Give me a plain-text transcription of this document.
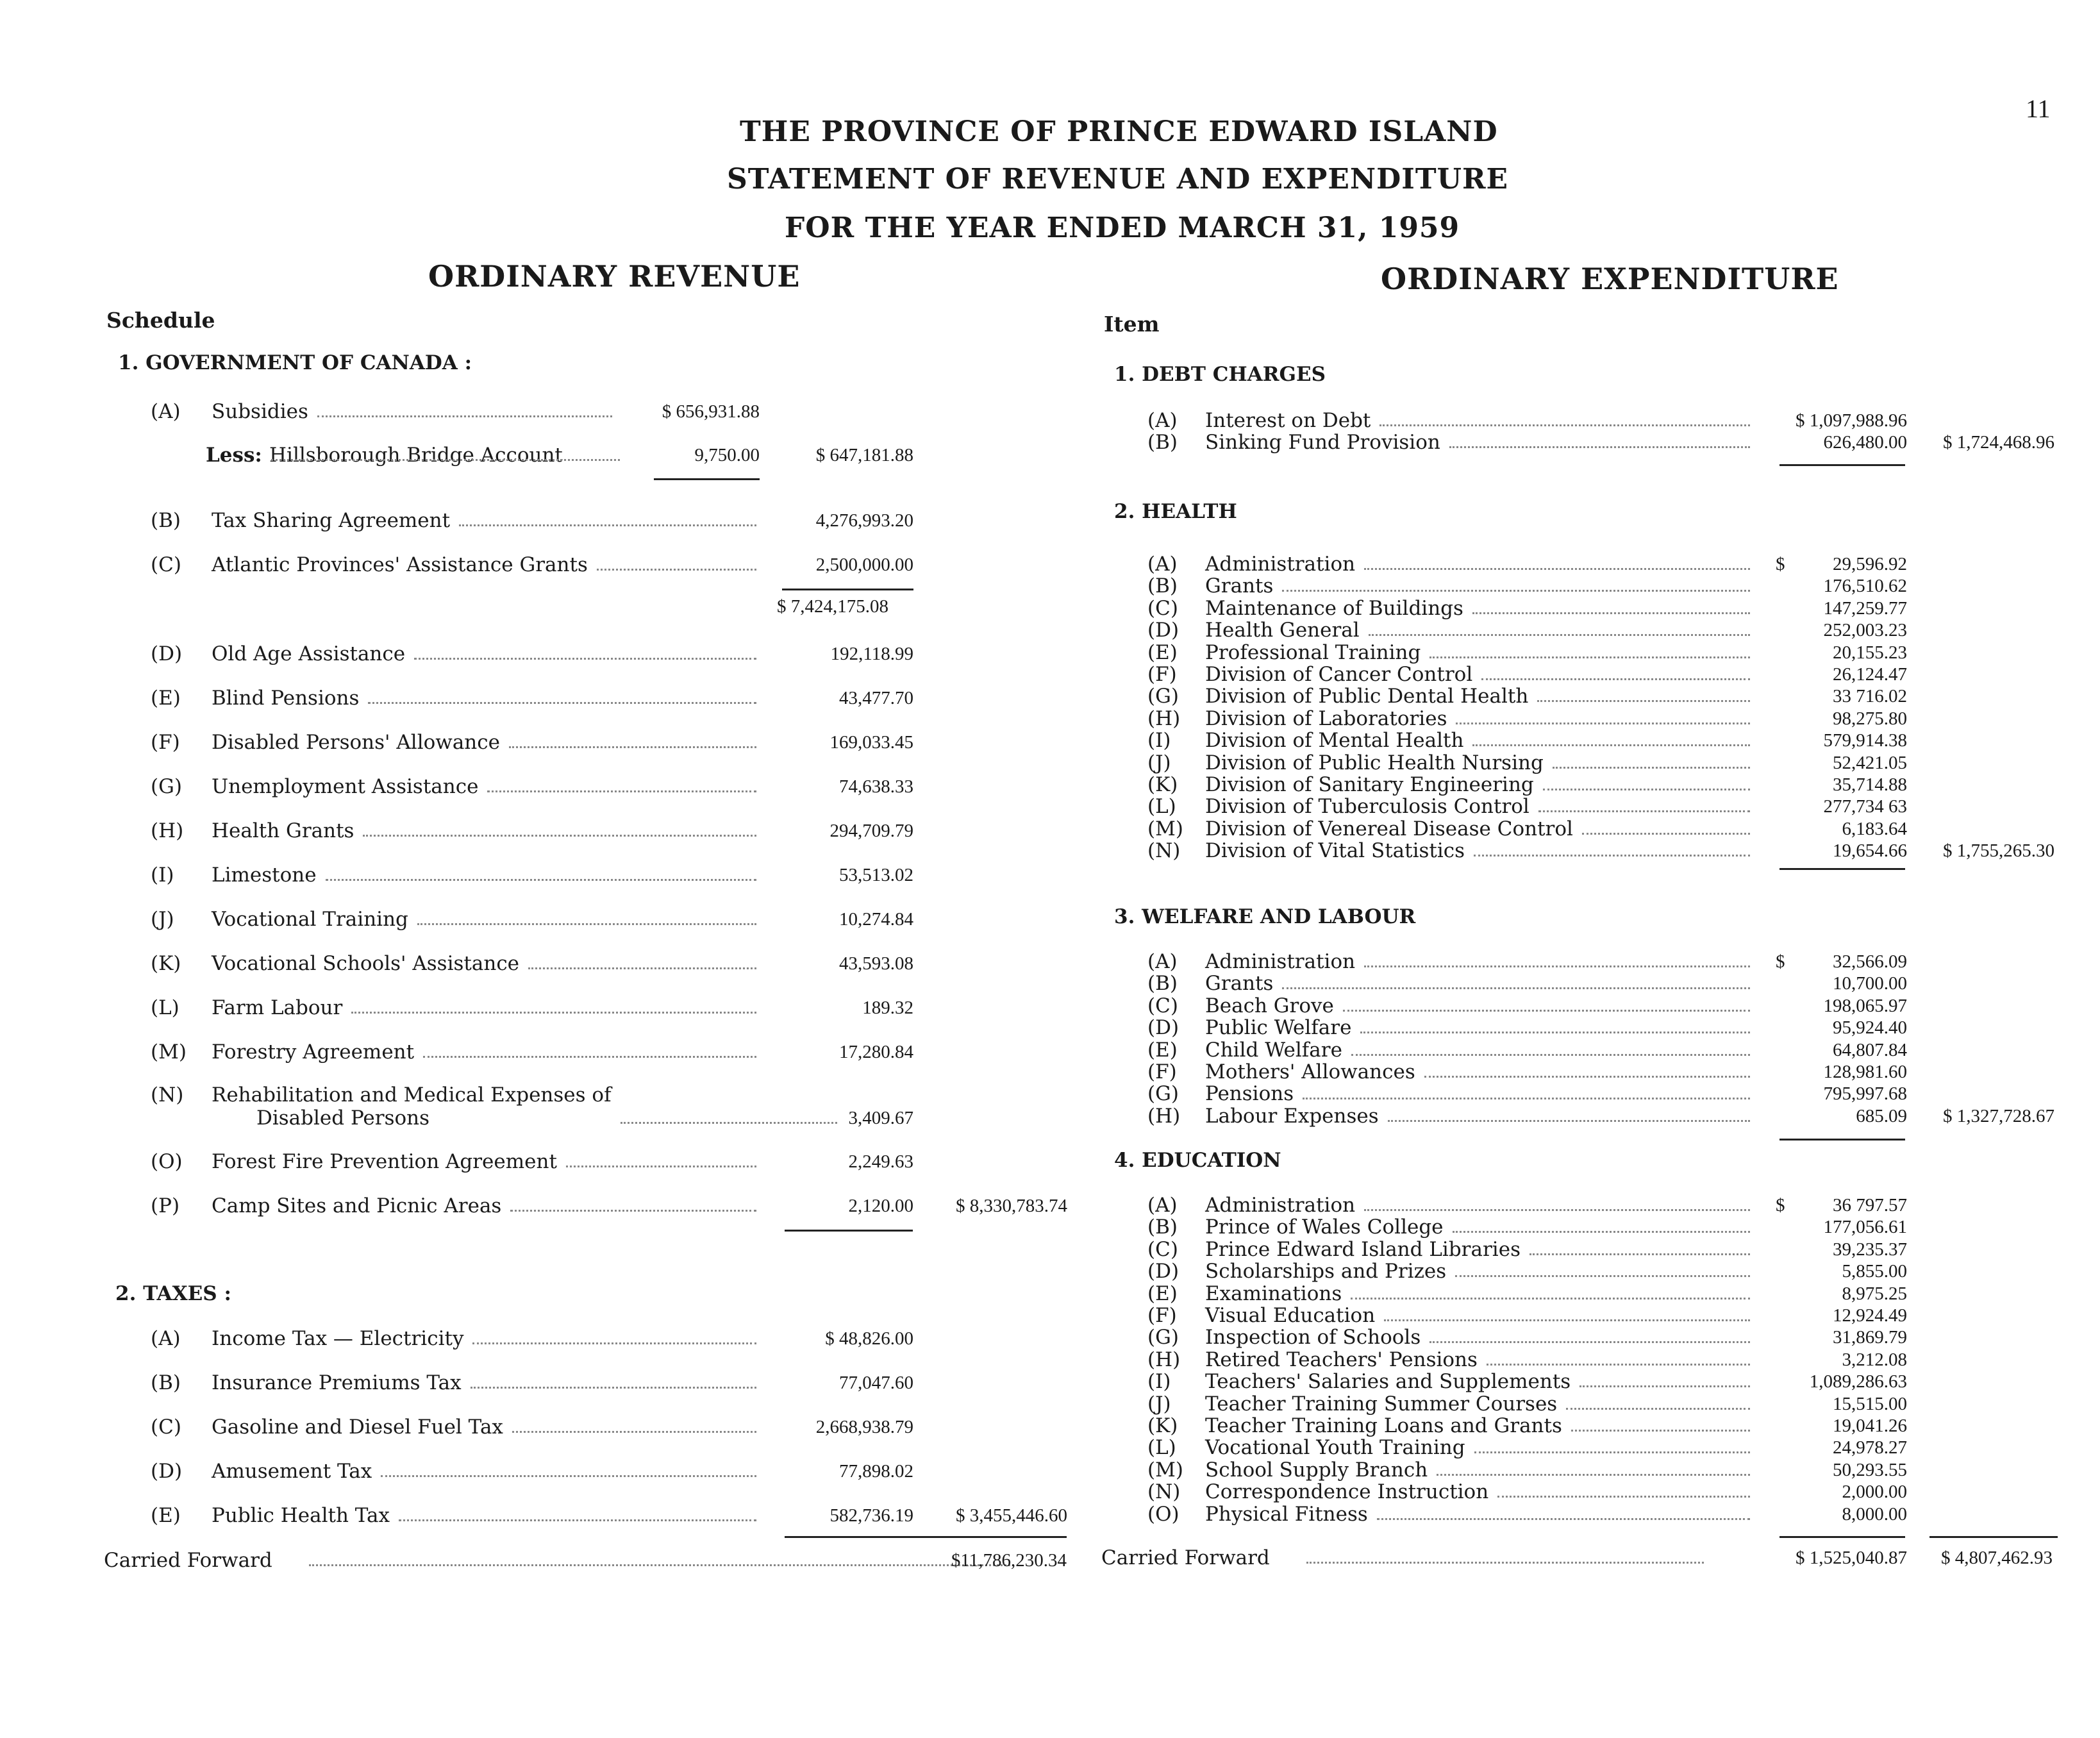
11
THE PROVINCE OF PRINCE EDWARD ISLAND
STATEMENT OF REVENUE AND EXPENDITURE
FOR THE YEAR ENDED MARCH 31, 1959
ORDINARY REVENUE	ORDINARY EXPENDITURE
Schedule	Item
1. GOVERNMENT OF CANADA :
(A) Subsidies	$ 656,931.88
Less: Hillsborough Bridge Account	9,750.00	$ 647,181.88
(B) Tax Sharing Agreement	4,276,993.20
(C) Atlantic Provinces' Assistance Grants	2,500,000.00
$ 7,424,175.08
(D) Old Age Assistance	192,118.99
(E) Blind Pensions	43,477.70
(F) Disabled Persons' Allowance	169,033.45
(G) Unemployment Assistance	74,638.33
(H) Health Grants	294,709.79
(I) Limestone	53,513.02
(J) Vocational Training	10,274.84
(K) Vocational Schools' Assistance	43,593.08
(L) Farm Labour	189.32
(M) Forestry Agreement	17,280.84
(N) Rehabilitation and Medical Expenses of
Disabled Persons	3,409.67
(O) Forest Fire Prevention Agreement	2,249.63
(P) Camp Sites and Picnic Areas	2,120.00 $ 8,330,783.74
2. TAXES :
(A) Income Tax — Electricity	$ 48,826.00
(B) Insurance Premiums Tax	77,047.60
(C) Gasoline and Diesel Fuel Tax	2,668,938.79
(D) Amusement Tax	77,898.02
(E) Public Health Tax	582,736.19 $ 3,455,446.60
Carried Forward	$11,786,230.34
1. DEBT CHARGES
(A) Interest on Debt	$ 1,097,988.96
(B) Sinking Fund Provision	626,480.00 $ 1,724,468.96
2. HEALTH
(A) Administration	29,596.92
$
(B) Grants	176,510.62
(C) Maintenance of Buildings	147,259.77
(D) Health General	252,003.23
(E) Professional Training	20,155.23
(F) Division of Cancer Control	26,124.47
(G) Division of Public Dental Health	33 716.02
(H) Division of Laboratories	98,275.80
(I) Division of Mental Health	579,914.38
(J) Division of Public Health Nursing	52,421.05
(K) Division of Sanitary Engineering	35,714.88
(L) Division of Tuberculosis Control	277,734 63
(M) Division of Venereal Disease Control	6,183.64
(N) Division of Vital Statistics	19,654.66 $ 1,755,265.30
3. WELFARE AND LABOUR
(A) Administration	32,566.09
$
(B) Grants	10,700.00
(C) Beach Grove	198,065.97
(D) Public Welfare	95,924.40
(E) Child Welfare	64,807.84
(F) Mothers' Allowances	128,981.60
(G) Pensions	795,997.68
(H) Labour Expenses	685.09 $ 1,327,728.67
4. EDUCATION
(A) Administration	36 797.57
$
(B) Prince of Wales College	177,056.61
(C) Prince Edward Island Libraries	39,235.37
(D) Scholarships and Prizes	5,855.00
(E) Examinations	8,975.25
(F) Visual Education	12,924.49
(G) Inspection of Schools	31,869.79
(H) Retired Teachers' Pensions	3,212.08
(I) Teachers' Salaries and Supplements	1,089,286.63
(J) Teacher Training Summer Courses	15,515.00
(K) Teacher Training Loans and Grants	19,041.26
(L) Vocational Youth Training	24,978.27
(M) School Supply Branch	50,293.55
(N) Correspondence Instruction	2,000.00
(O) Physical Fitness	8,000.00
Carried Forward	$ 1,525,040.87 $ 4,807,462.93
